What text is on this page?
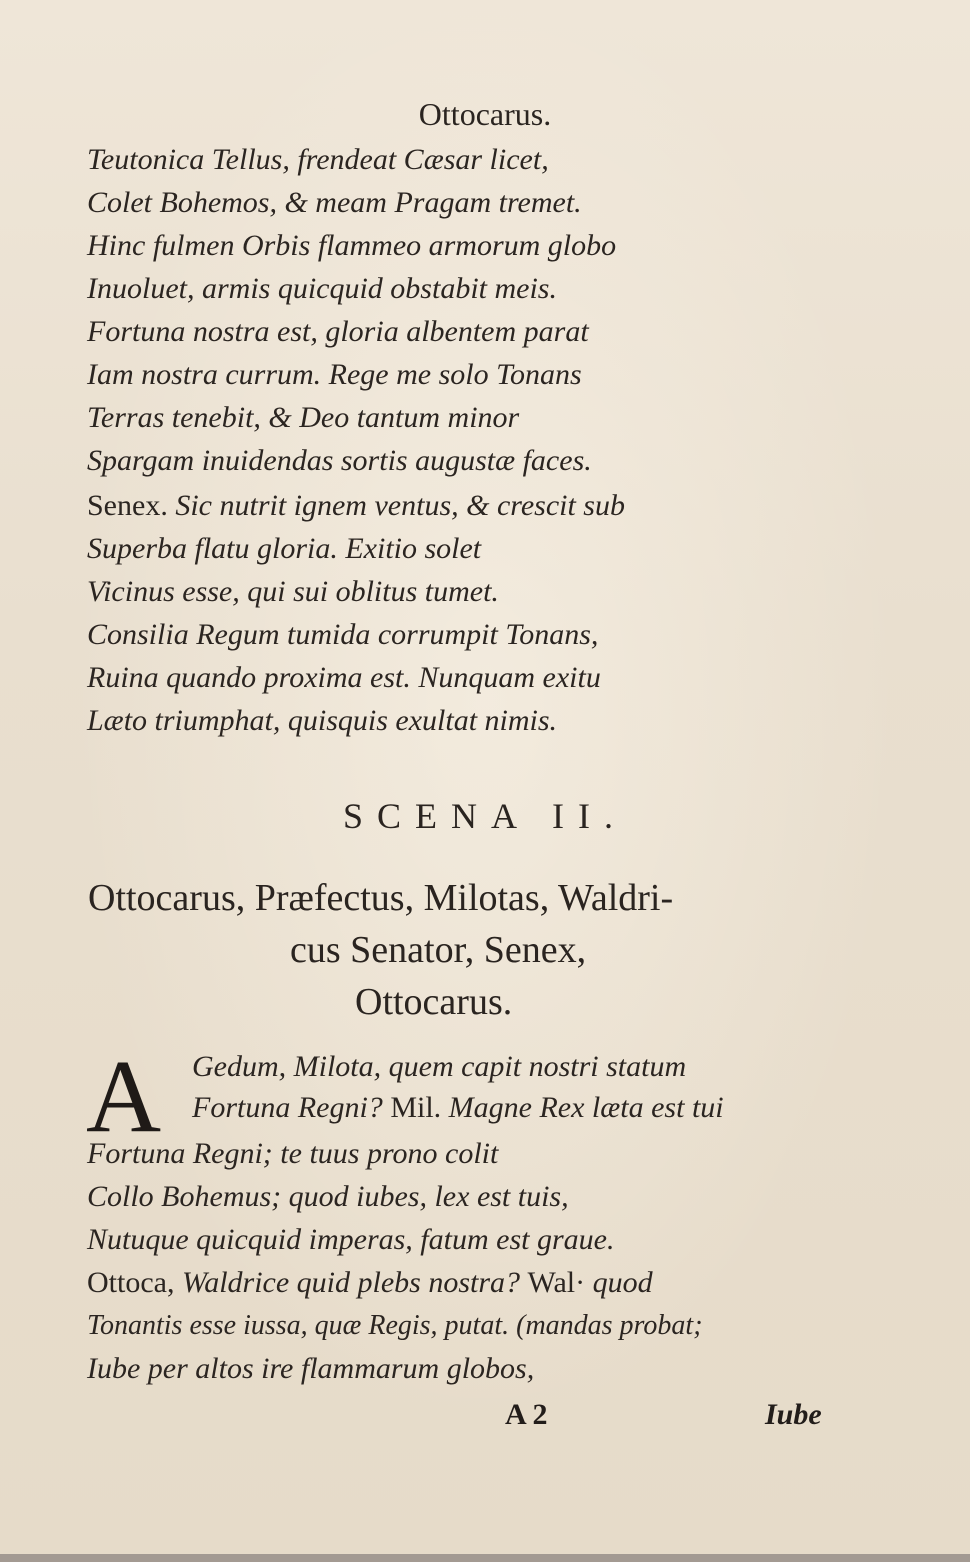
Ottocarus.
Teutonica Tellus, frendeat Cæsar licet,
Colet Bohemos, & meam Pragam tremet.
Hinc fulmen Orbis flammeo armorum globo
Inuoluet, armis quicquid obstabit meis.
Fortuna nostra est, gloria albentem parat
Iam nostra currum. Rege me solo Tonans
Terras tenebit, & Deo tantum minor
Spargam inuidendas sortis augustæ faces.
Senex. Sic nutrit ignem ventus, & crescit sub
Superba flatu gloria. Exitio solet
Vicinus esse, qui sui oblitus tumet.
Consilia Regum tumida corrumpit Tonans,
Ruina quando proxima est. Nunquam exitu
Læto triumphat, quisquis exultat nimis.
SCENA II.
Ottocarus, Præfectus, Milotas, Waldri-
cus Senator, Senex,
Ottocarus.
A Gedum, Milota, quem capit nostri statum
Fortuna Regni? Mil. Magne Rex læta est tui
Fortuna Regni; te tuus prono colit
Collo Bohemus; quod iubes, lex est tuis,
Nutuque quicquid imperas, fatum est graue.
Ottoca, Waldrice quid plebs nostra? Wal· quod
Tonantis esse iussa, quæ Regis, putat. (mandas probat;
Iube per altos ire flammarum globos,
A 2	Iube
